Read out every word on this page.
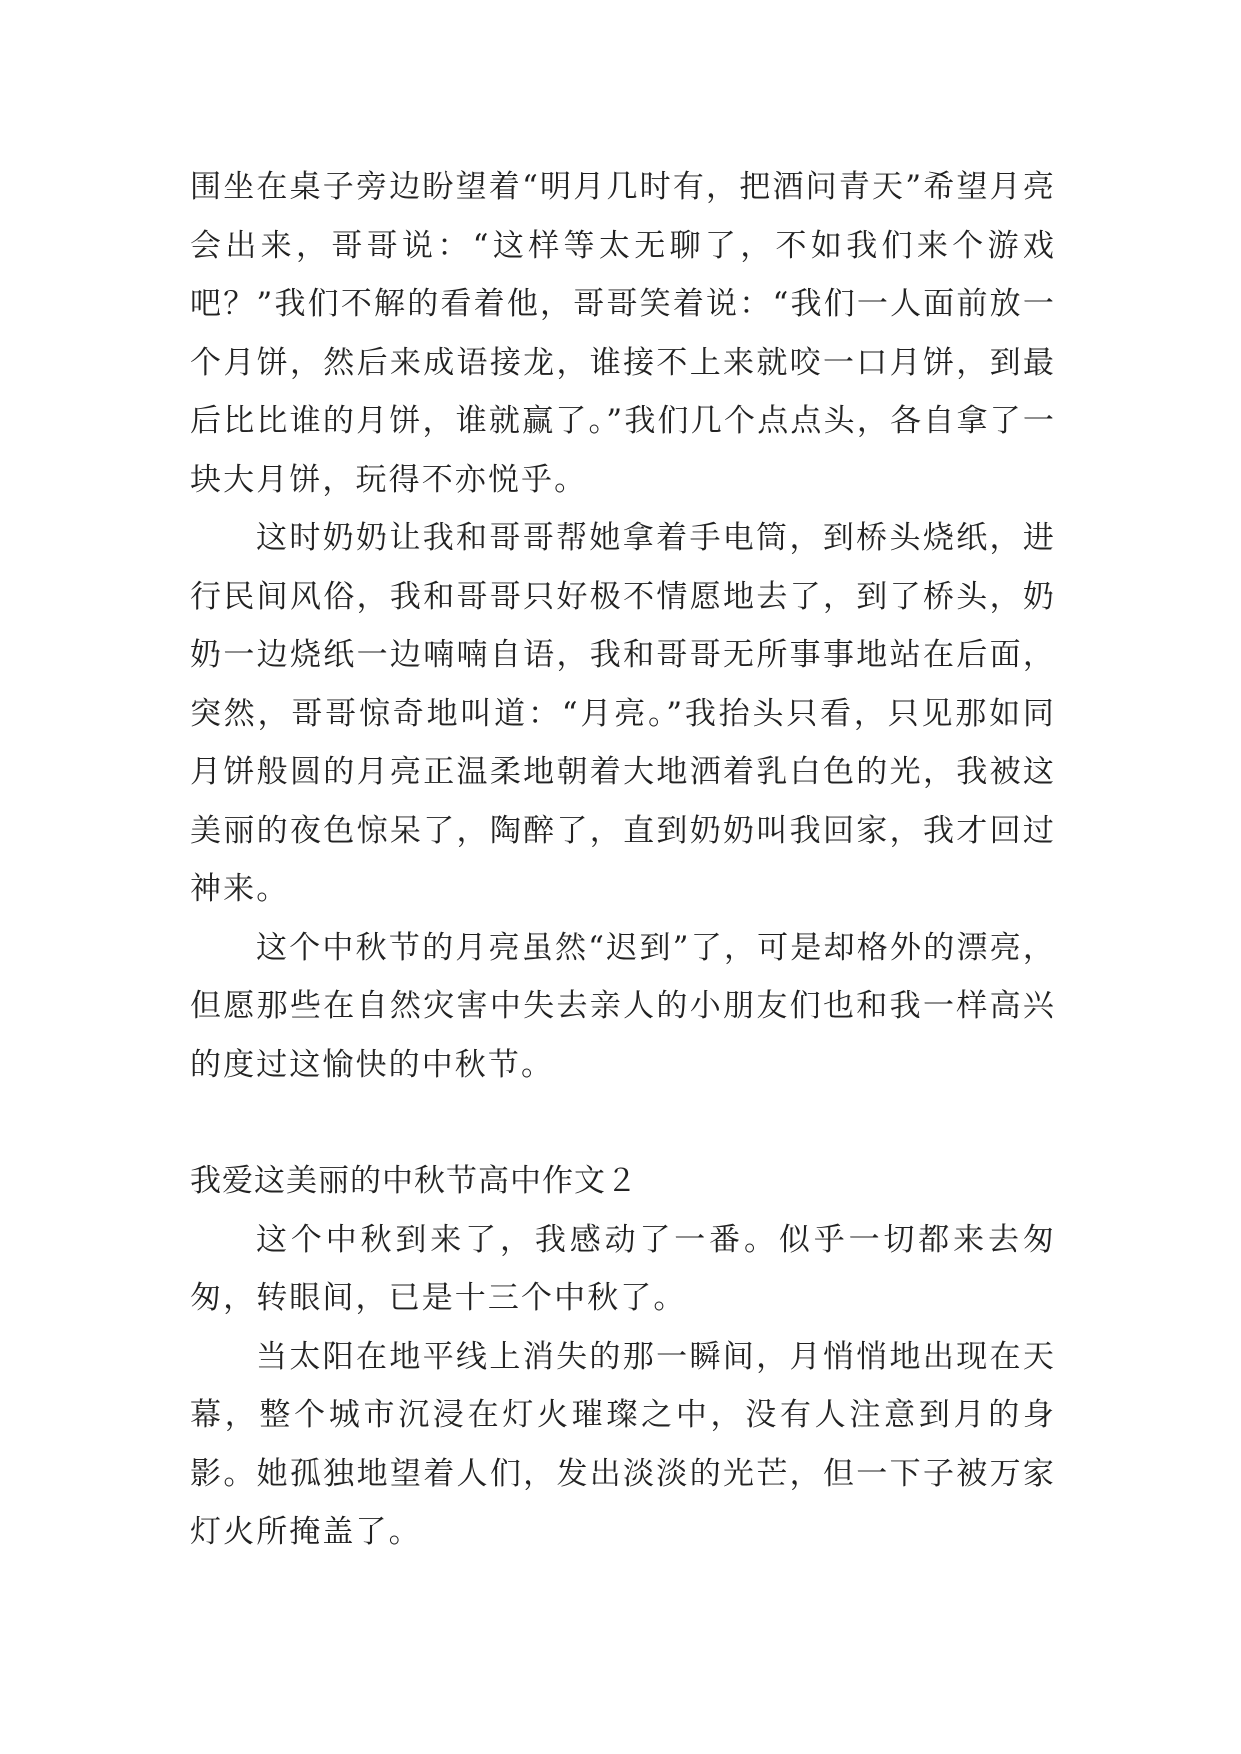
围坐在桌子旁边盼望着“明月几时有，把酒问青天”希望月亮会出来，哥哥说：“这样等太无聊了，不如我们来个游戏吧？”我们不解的看着他，哥哥笑着说：“我们一人面前放一个月饼，然后来成语接龙，谁接不上来就咬一口月饼，到最后比比谁的月饼，谁就赢了。”我们几个点点头，各自拿了一块大月饼，玩得不亦悦乎。

这时奶奶让我和哥哥帮她拿着手电筒，到桥头烧纸，进行民间风俗，我和哥哥只好极不情愿地去了，到了桥头，奶奶一边烧纸一边喃喃自语，我和哥哥无所事事地站在后面，突然，哥哥惊奇地叫道：“月亮。”我抬头只看，只见那如同月饼般圆的月亮正温柔地朝着大地洒着乳白色的光，我被这美丽的夜色惊呆了，陶醉了，直到奶奶叫我回家，我才回过神来。

这个中秋节的月亮虽然“迟到”了，可是却格外的漂亮，但愿那些在自然灾害中失去亲人的小朋友们也和我一样高兴的度过这愉快的中秋节。

我爱这美丽的中秋节高中作文２

这个中秋到来了，我感动了一番。似乎一切都来去匆匆，转眼间，已是十三个中秋了。

当太阳在地平线上消失的那一瞬间，月悄悄地出现在天幕，整个城市沉浸在灯火璀璨之中，没有人注意到月的身影。她孤独地望着人们，发出淡淡的光芒，但一下子被万家灯火所掩盖了。
